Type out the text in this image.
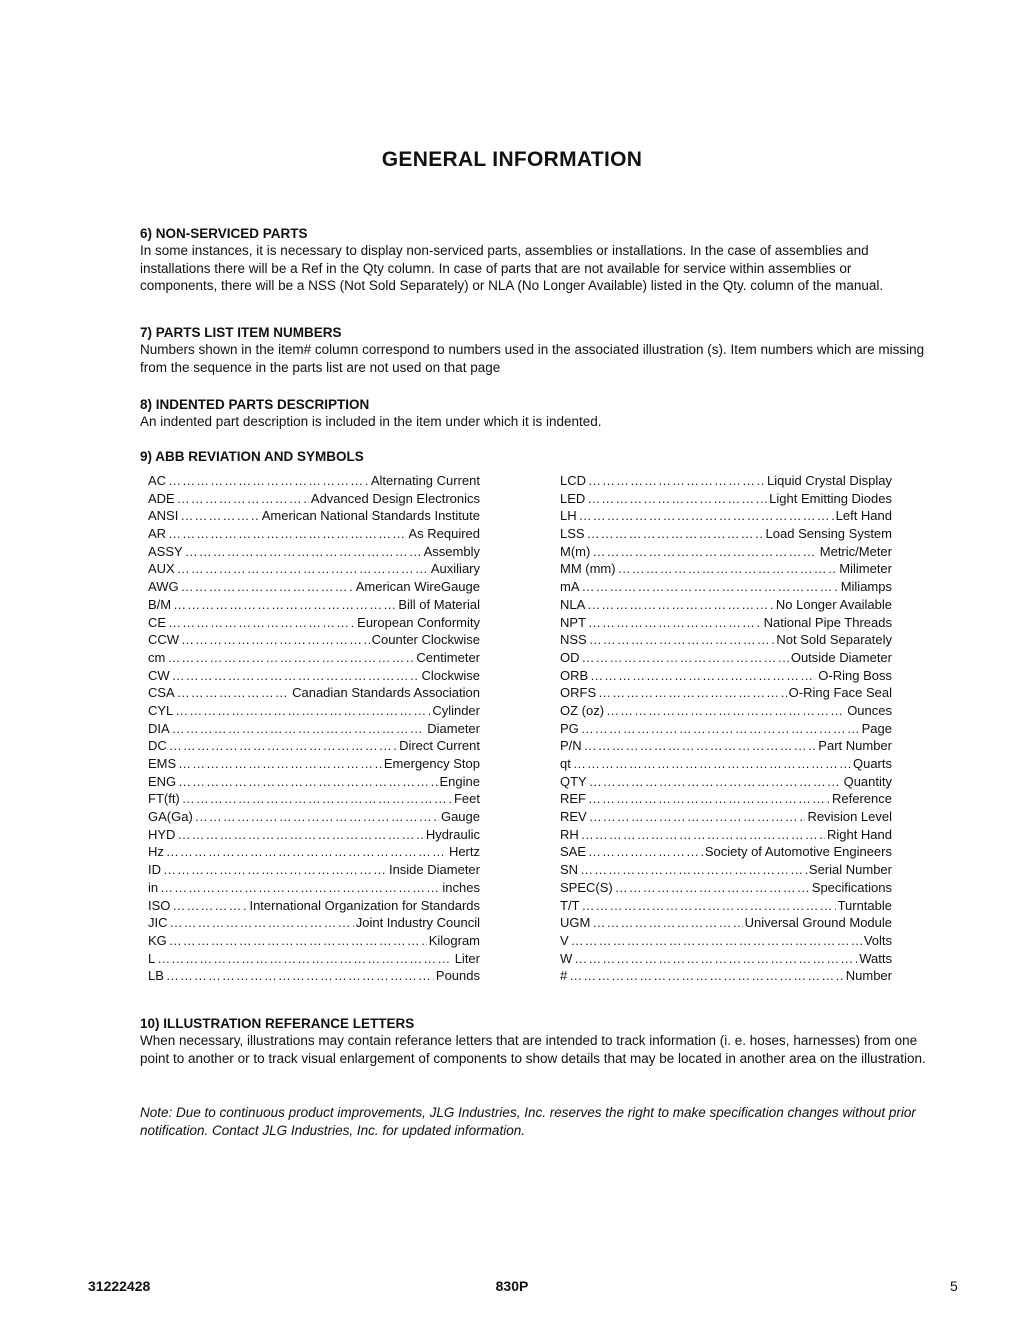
GENERAL INFORMATION
6) NON-SERVICED PARTS
In some instances, it is necessary to display non-serviced parts, assemblies or installations. In the case of assemblies and installations there will be a Ref in the Qty column. In case of parts that are not available for service within assemblies or components, there will be a NSS (Not Sold Separately) or NLA (No Longer Available) listed in the Qty. column of the manual.
7) PARTS LIST ITEM NUMBERS
Numbers shown in the item# column correspond to numbers used in the associated illustration (s). Item numbers which are missing from the sequence in the parts list are not used on that page
8) INDENTED PARTS DESCRIPTION
An indented part description is included in the item under which it is indented.
9) ABB REVIATION AND SYMBOLS
AC ……………………………………………………………………………………………………………………………	Alternating Current
ADE ……………………………………………………………………………………………………………………………	Advanced Design Electronics
ANSI ……………………………………………………………………………………………………………………………	American National Standards Institute
AR ……………………………………………………………………………………………………………………………	As Required
ASSY ……………………………………………………………………………………………………………………………	Assembly
AUX ……………………………………………………………………………………………………………………………	Auxiliary
AWG ……………………………………………………………………………………………………………………………	American WireGauge
B/M ……………………………………………………………………………………………………………………………	Bill of Material
CE ……………………………………………………………………………………………………………………………	European Conformity
CCW ……………………………………………………………………………………………………………………………	Counter Clockwise
cm ……………………………………………………………………………………………………………………………	Centimeter
CW ……………………………………………………………………………………………………………………………	Clockwise
CSA ……………………………………………………………………………………………………………………………	Canadian Standards Association
CYL ……………………………………………………………………………………………………………………………	Cylinder
DIA ……………………………………………………………………………………………………………………………	Diameter
DC ……………………………………………………………………………………………………………………………	Direct Current
EMS ……………………………………………………………………………………………………………………………	Emergency Stop
ENG ……………………………………………………………………………………………………………………………	Engine
FT(ft) ……………………………………………………………………………………………………………………………	Feet
GA(Ga) ……………………………………………………………………………………………………………………………	Gauge
HYD ……………………………………………………………………………………………………………………………	Hydraulic
Hz ……………………………………………………………………………………………………………………………	Hertz
ID ……………………………………………………………………………………………………………………………	Inside Diameter
in ……………………………………………………………………………………………………………………………	inches
ISO ……………………………………………………………………………………………………………………………	International Organization for Standards
JIC ……………………………………………………………………………………………………………………………	Joint Industry Council
KG ……………………………………………………………………………………………………………………………	Kilogram
L ……………………………………………………………………………………………………………………………	Liter
LB ……………………………………………………………………………………………………………………………	Pounds
LCD ……………………………………………………………………………………………………………………………	Liquid Crystal Display
LED ……………………………………………………………………………………………………………………………	Light Emitting Diodes
LH ……………………………………………………………………………………………………………………………	Left Hand
LSS ……………………………………………………………………………………………………………………………	Load Sensing System
M(m) ……………………………………………………………………………………………………………………………	Metric/Meter
MM (mm) ……………………………………………………………………………………………………………………………	Milimeter
mA ……………………………………………………………………………………………………………………………	Miliamps
NLA ……………………………………………………………………………………………………………………………	No Longer Available
NPT ……………………………………………………………………………………………………………………………	National Pipe Threads
NSS ……………………………………………………………………………………………………………………………	Not Sold Separately
OD ……………………………………………………………………………………………………………………………	Outside Diameter
ORB ……………………………………………………………………………………………………………………………	O-Ring Boss
ORFS ……………………………………………………………………………………………………………………………	O-Ring Face Seal
OZ (oz) ……………………………………………………………………………………………………………………………	Ounces
PG ……………………………………………………………………………………………………………………………	Page
P/N ……………………………………………………………………………………………………………………………	Part Number
qt ……………………………………………………………………………………………………………………………	Quarts
QTY ……………………………………………………………………………………………………………………………	Quantity
REF ……………………………………………………………………………………………………………………………	Reference
REV ……………………………………………………………………………………………………………………………	Revision Level
RH ……………………………………………………………………………………………………………………………	Right Hand
SAE ……………………………………………………………………………………………………………………………	Society of Automotive Engineers
SN ……………………………………………………………………………………………………………………………	Serial Number
SPEC(S) ……………………………………………………………………………………………………………………………	Specifications
T/T ……………………………………………………………………………………………………………………………	Turntable
UGM ……………………………………………………………………………………………………………………………	Universal Ground Module
V ……………………………………………………………………………………………………………………………	Volts
W ……………………………………………………………………………………………………………………………	Watts
# ……………………………………………………………………………………………………………………………	Number
10) ILLUSTRATION REFERANCE LETTERS
When necessary, illustrations may contain referance letters that are intended to track information (i. e. hoses, harnesses) from one point to another or to track visual enlargement of components to show details that may be located in another area on the illustration.
Note: Due to continuous product improvements, JLG Industries, Inc. reserves the right to make specification changes without prior notification. Contact JLG Industries, Inc. for updated information.
31222428	830P	5
